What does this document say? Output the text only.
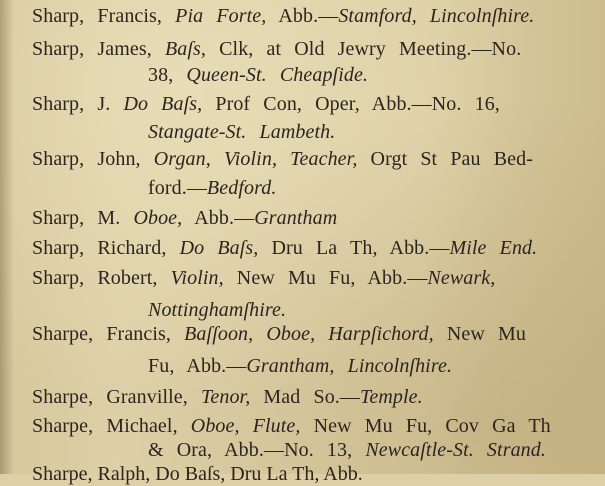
Sharp, Francis, Pia Forte, Abb.—Stamford, Lincolnſhire.
Sharp, James, Baſs, Clk, at Old Jewry Meeting.—No.
38, Queen-St. Cheapſide.
Sharp, J. Do Baſs, Prof Con, Oper, Abb.—No. 16,
Stangate-St. Lambeth.
Sharp, John, Organ, Violin, Teacher, Orgt St Pau Bed-
ford.—Bedford.
Sharp, M. Oboe, Abb.—Grantham
Sharp, Richard, Do Baſs, Dru La Th, Abb.—Mile End.
Sharp, Robert, Violin, New Mu Fu, Abb.—Newark,
Nottinghamſhire.
Sharpe, Francis, Baſſoon, Oboe, Harpſichord, New Mu
Fu, Abb.—Grantham, Lincolnſhire.
Sharpe, Granville, Tenor, Mad So.—Temple.
Sharpe, Michael, Oboe, Flute, New Mu Fu, Cov Ga Th
& Ora, Abb.—No. 13, Newcaſtle-St. Strand.
Sharpe, Ralph, Do Baſs, Dru La Th, Abb.
